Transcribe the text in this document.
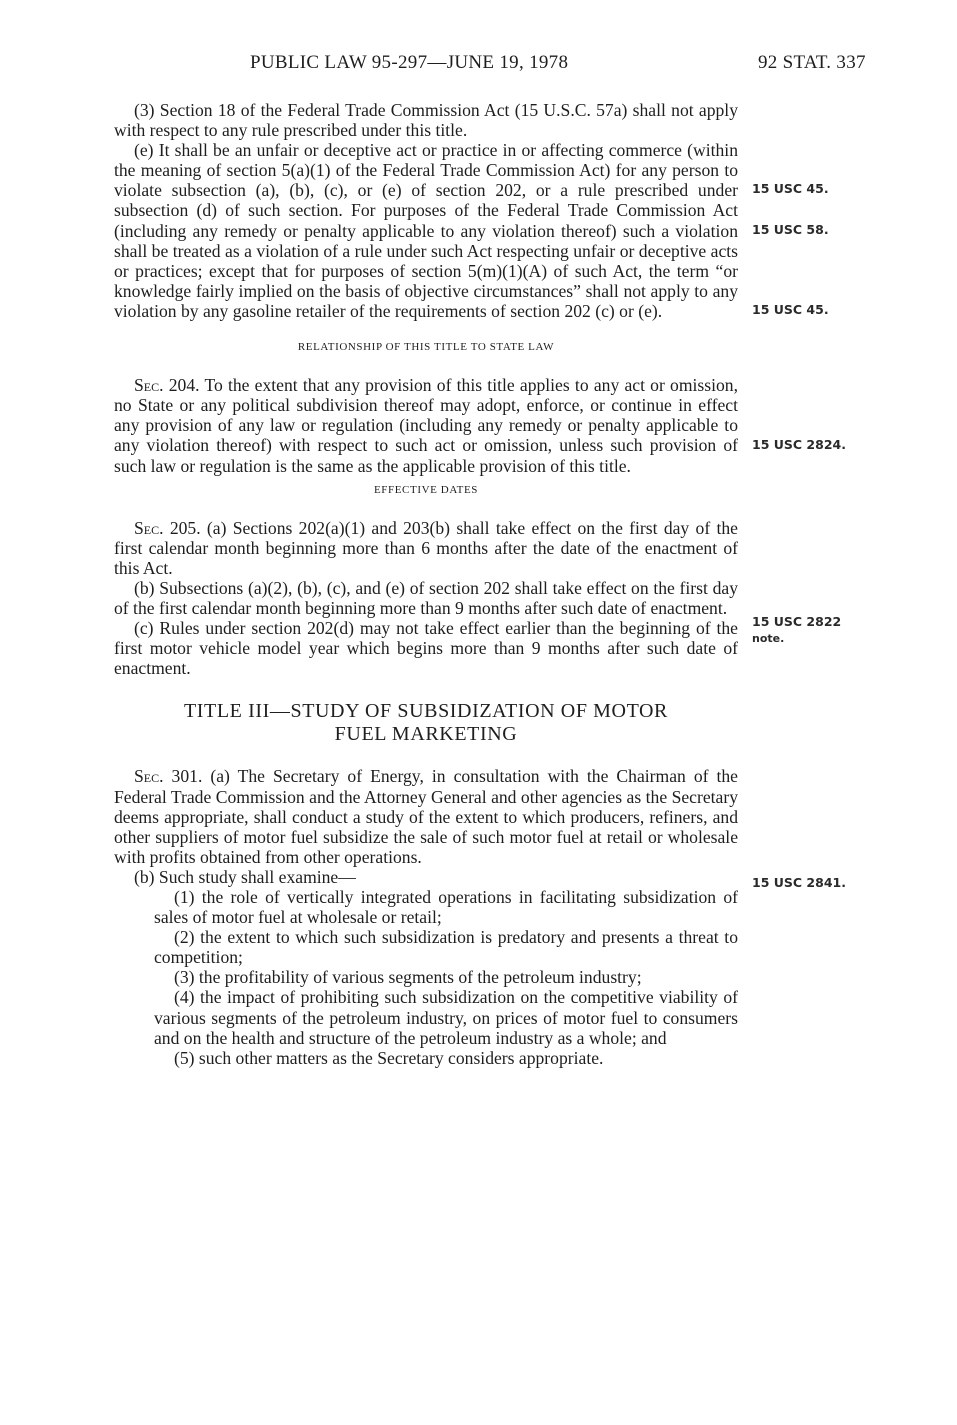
PUBLIC LAW 95-297—JUNE 19, 1978	92 STAT. 337

(3) Section 18 of the Federal Trade Commission Act (15 U.S.C. 57a) shall not apply with respect to any rule prescribed under this title.

(e) It shall be an unfair or deceptive act or practice in or affecting commerce (within the meaning of section 5(a)(1) of the Federal Trade Commission Act) for any person to violate subsection (a), (b), (c), or (e) of section 202, or a rule prescribed under subsection (d) of such section. For purposes of the Federal Trade Commission Act (including any remedy or penalty applicable to any violation thereof) such a violation shall be treated as a violation of a rule under such Act respecting unfair or deceptive acts or practices; except that for purposes of section 5(m)(1)(A) of such Act, the term “or knowledge fairly implied on the basis of objective circumstances” shall not apply to any violation by any gasoline retailer of the requirements of section 202 (c) or (e).

RELATIONSHIP OF THIS TITLE TO STATE LAW

Sec. 204. To the extent that any provision of this title applies to any act or omission, no State or any political subdivision thereof may adopt, enforce, or continue in effect any provision of any law or regulation (including any remedy or penalty applicable to any violation thereof) with respect to such act or omission, unless such provision of such law or regulation is the same as the applicable provision of this title.

EFFECTIVE DATES

Sec. 205. (a) Sections 202(a)(1) and 203(b) shall take effect on the first day of the first calendar month beginning more than 6 months after the date of the enactment of this Act.

(b) Subsections (a)(2), (b), (c), and (e) of section 202 shall take effect on the first day of the first calendar month beginning more than 9 months after such date of enactment.

(c) Rules under section 202(d) may not take effect earlier than the beginning of the first motor vehicle model year which begins more than 9 months after such date of enactment.

TITLE III—STUDY OF SUBSIDIZATION OF MOTOR

FUEL MARKETING

Sec. 301. (a) The Secretary of Energy, in consultation with the Chairman of the Federal Trade Commission and the Attorney General and other agencies as the Secretary deems appropriate, shall conduct a study of the extent to which producers, refiners, and other suppliers of motor fuel subsidize the sale of such motor fuel at retail or wholesale with profits obtained from other operations.

(b) Such study shall examine—

(1) the role of vertically integrated operations in facilitating subsidization of sales of motor fuel at wholesale or retail;

(2) the extent to which such subsidization is predatory and presents a threat to competition;

(3) the profitability of various segments of the petroleum industry;

(4) the impact of prohibiting such subsidization on the competitive viability of various segments of the petroleum industry, on prices of motor fuel to consumers and on the health and structure of the petroleum industry as a whole; and

(5) such other matters as the Secretary considers appropriate.

15 USC 45.
15 USC 58.
15 USC 45.
15 USC 2824.
15 USC 2822
note.
15 USC 2841.
